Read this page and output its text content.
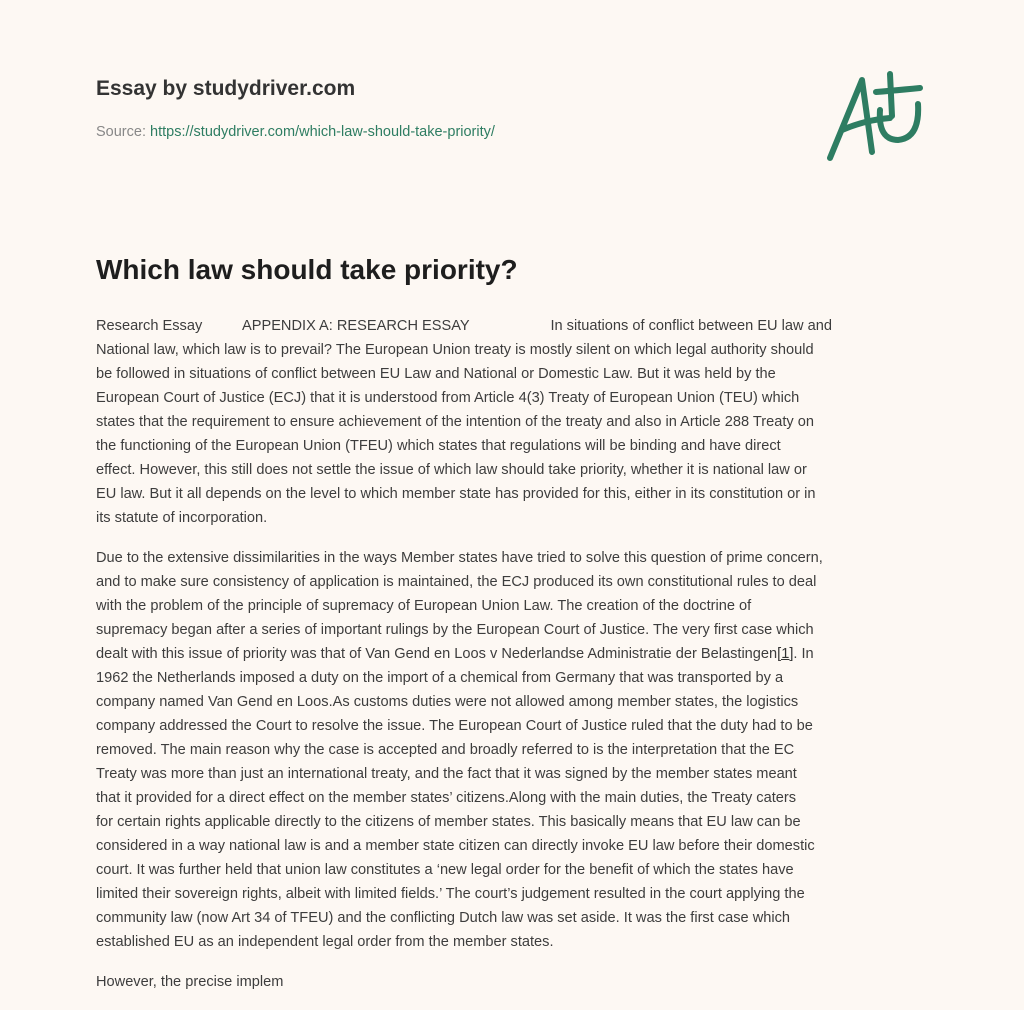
Essay by studydriver.com
Source: https://studydriver.com/which-law-should-take-priority/
Which law should take priority?
Research Essay          APPENDIX A: RESEARCH ESSAY                    In situations of conflict between EU law and
National law, which law is to prevail? The European Union treaty is mostly silent on which legal authority should
be followed in situations of conflict between EU Law and National or Domestic Law. But it was held by the
European Court of Justice (ECJ) that it is understood from Article 4(3) Treaty of European Union (TEU) which
states that the requirement to ensure achievement of the intention of the treaty and also in Article 288 Treaty on
the functioning of the European Union (TFEU) which states that regulations will be binding and have direct
effect. However, this still does not settle the issue of which law should take priority, whether it is national law or
EU law. But it all depends on the level to which member state has provided for this, either in its constitution or in
its statute of incorporation.
Due to the extensive dissimilarities in the ways Member states have tried to solve this question of prime concern,
and to make sure consistency of application is maintained, the ECJ produced its own constitutional rules to deal
with the problem of the principle of supremacy of European Union Law. The creation of the doctrine of
supremacy began after a series of important rulings by the European Court of Justice. The very first case which
dealt with this issue of priority was that of Van Gend en Loos v Nederlandse Administratie der Belastingen[1]. In
1962 the Netherlands imposed a duty on the import of a chemical from Germany that was transported by a
company named Van Gend en Loos.As customs duties were not allowed among member states, the logistics
company addressed the Court to resolve the issue. The European Court of Justice ruled that the duty had to be
removed. The main reason why the case is accepted and broadly referred to is the interpretation that the EC
Treaty was more than just an international treaty, and the fact that it was signed by the member states meant
that it provided for a direct effect on the member states’ citizens.Along with the main duties, the Treaty caters
for certain rights applicable directly to the citizens of member states. This basically means that EU law can be
considered in a way national law is and a member state citizen can directly invoke EU law before their domestic
court. It was further held that union law constitutes a ‘new legal order for the benefit of which the states have
limited their sovereign rights, albeit with limited fields.’ The court’s judgement resulted in the court applying the
community law (now Art 34 of TFEU) and the conflicting Dutch law was set aside. It was the first case which
established EU as an independent legal order from the member states.
However, the precise implem
